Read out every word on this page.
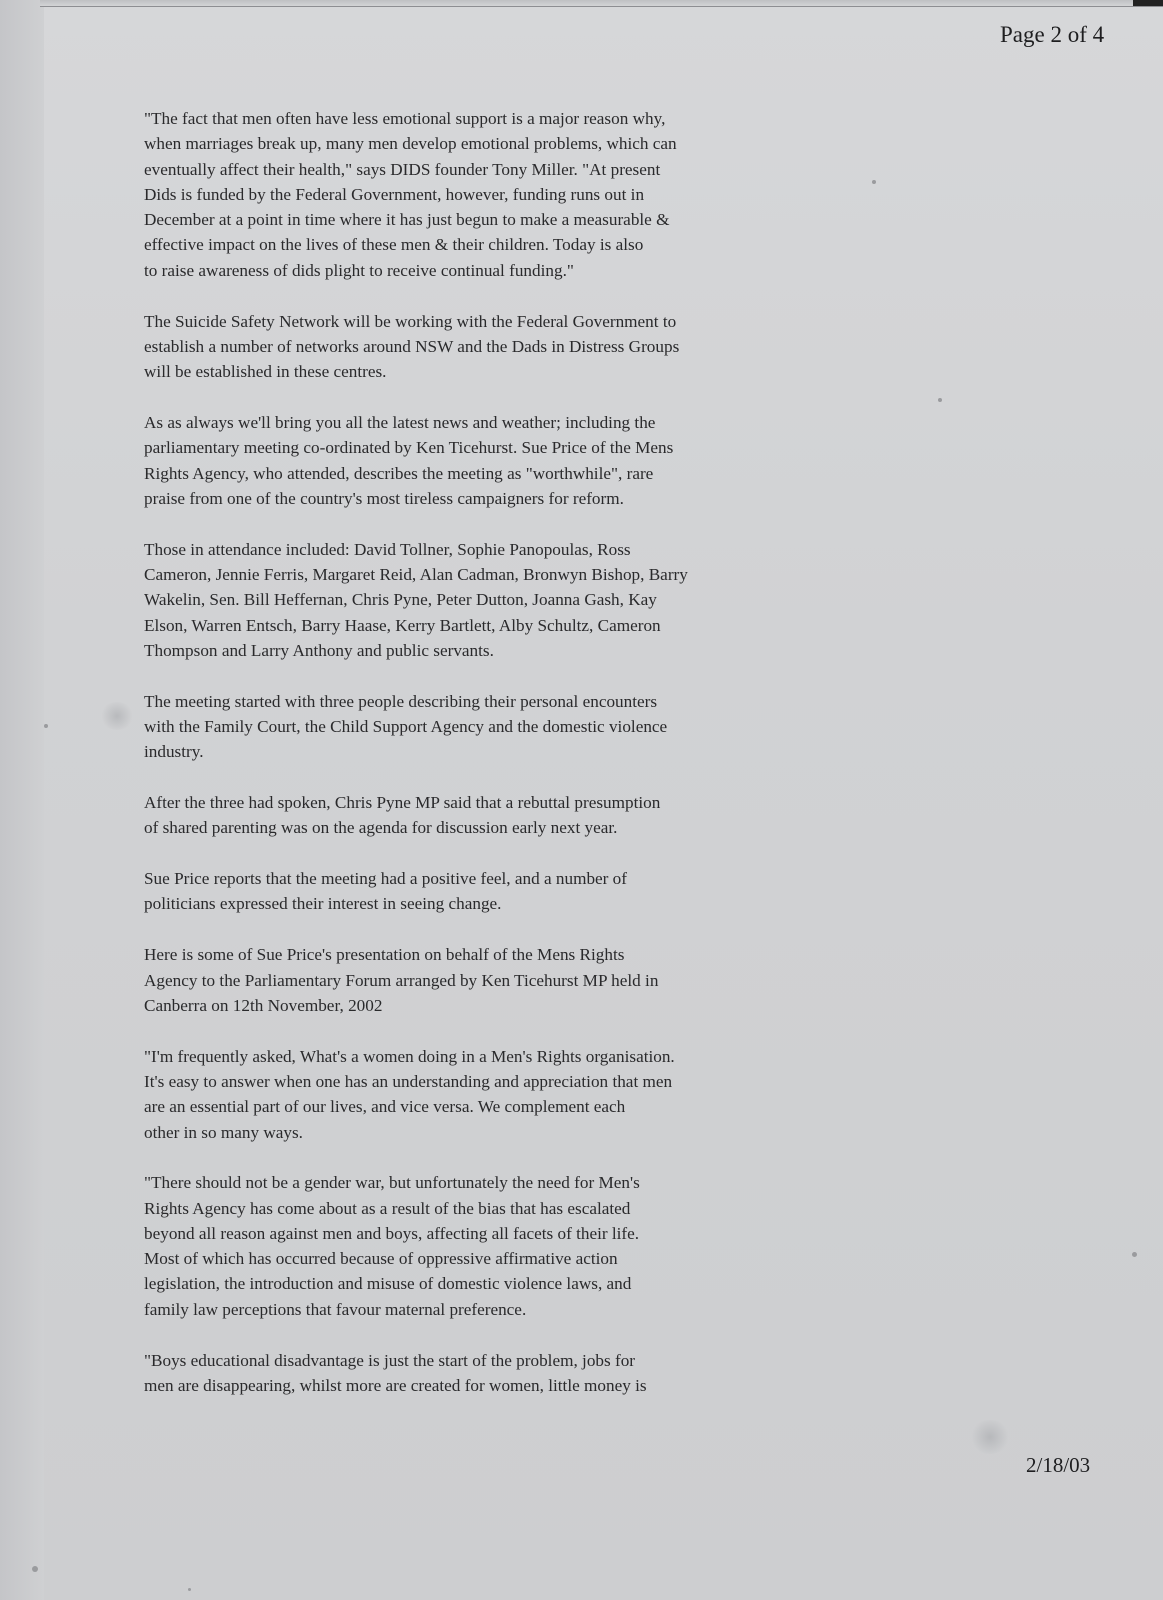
Page 2 of 4
"The fact that men often have less emotional support is a major reason why,
when marriages break up, many men develop emotional problems, which can
eventually affect their health," says DIDS founder Tony Miller. "At present
Dids is funded by the Federal Government, however, funding runs out in
December at a point in time where it has just begun to make a measurable &
effective impact on the lives of these men & their children. Today is also
to raise awareness of dids plight to receive continual funding."
The Suicide Safety Network will be working with the Federal Government to
establish a number of networks around NSW and the Dads in Distress Groups
will be established in these centres.
As as always we'll bring you all the latest news and weather; including the
parliamentary meeting co-ordinated by Ken Ticehurst. Sue Price of the Mens
Rights Agency, who attended, describes the meeting as "worthwhile", rare
praise from one of the country's most tireless campaigners for reform.
Those in attendance included: David Tollner, Sophie Panopoulas, Ross
Cameron, Jennie Ferris, Margaret Reid, Alan Cadman, Bronwyn Bishop, Barry
Wakelin, Sen. Bill Heffernan, Chris Pyne, Peter Dutton, Joanna Gash, Kay
Elson, Warren Entsch, Barry Haase, Kerry Bartlett, Alby Schultz, Cameron
Thompson and Larry Anthony and public servants.
The meeting started with three people describing their personal encounters
with the Family Court, the Child Support Agency and the domestic violence
industry.
After the three had spoken, Chris Pyne MP said that a rebuttal presumption
of shared parenting was on the agenda for discussion early next year.
Sue Price reports that the meeting had a positive feel, and a number of
politicians expressed their interest in seeing change.
Here is some of Sue Price's presentation on behalf of the Mens Rights
Agency to the Parliamentary Forum arranged by Ken Ticehurst MP held in
Canberra on 12th November, 2002
"I'm frequently asked, What's a women doing in a Men's Rights organisation.
It's easy to answer when one has an understanding and appreciation that men
are an essential part of our lives, and vice versa. We complement each
other in so many ways.
"There should not be a gender war, but unfortunately the need for Men's
Rights Agency has come about as a result of the bias that has escalated
beyond all reason against men and boys, affecting all facets of their life.
Most of which has occurred because of oppressive affirmative action
legislation, the introduction and misuse of domestic violence laws, and
family law perceptions that favour maternal preference.
"Boys educational disadvantage is just the start of the problem, jobs for
men are disappearing, whilst more are created for women, little money is
2/18/03
